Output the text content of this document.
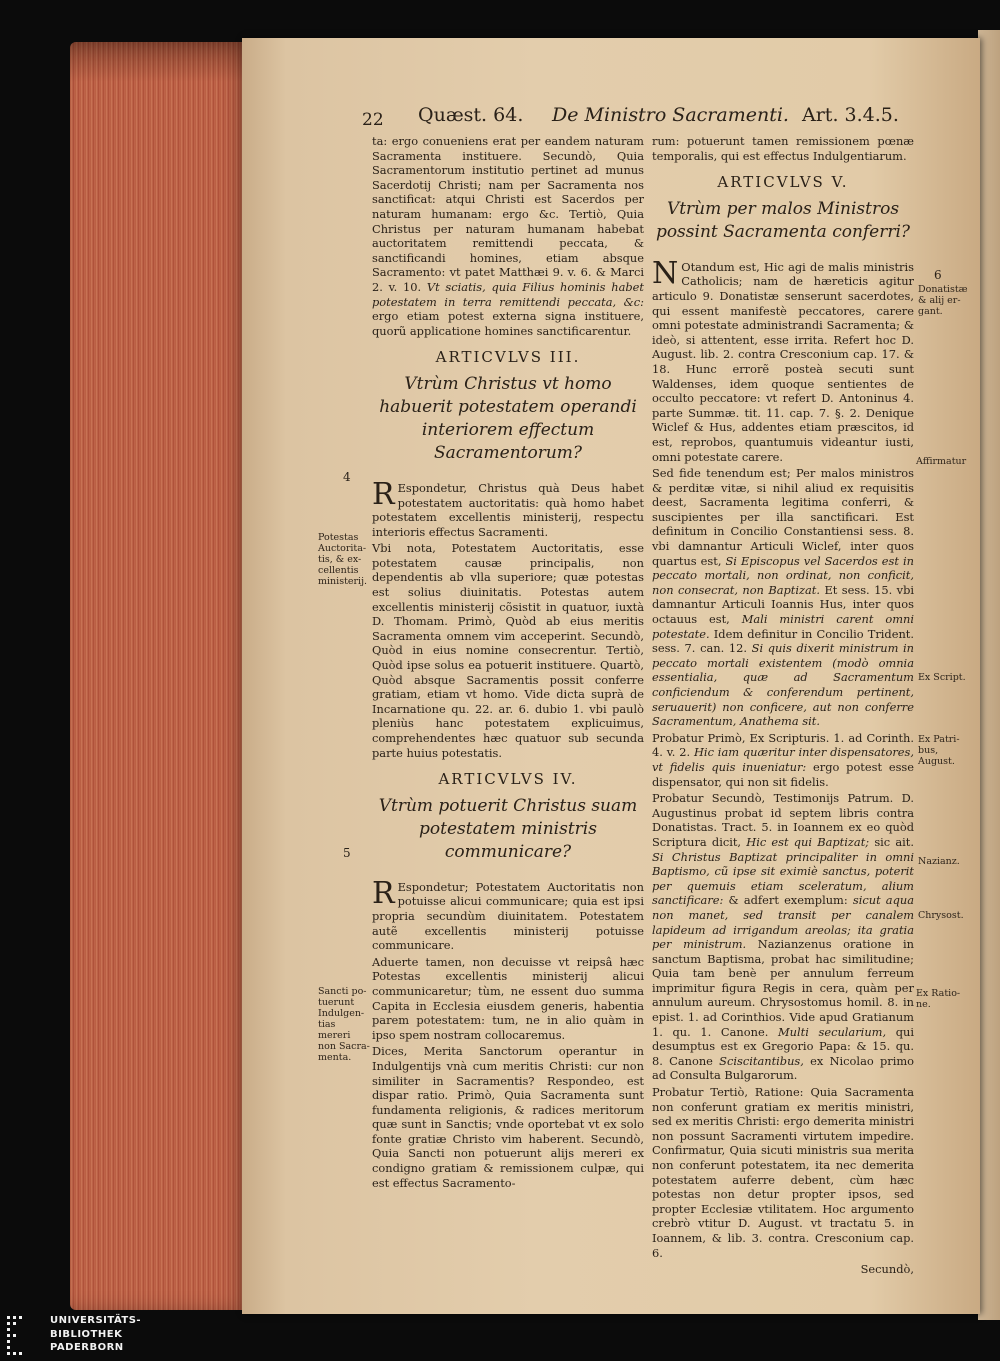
22 Quæst. 64. De Ministro Sacramenti. Art. 3.4.5.

ta: ergo conueniens erat per eandem naturam Sacramenta instituere. Secundò, Quia Sacramentorum institutio pertinet ad munus Sacerdotij Christi; nam per Sacramenta nos sanctificat: atqui Christi est Sacerdos per naturam humanam: ergo &c. Tertiò, Quia Christus per naturam humanam habebat auctoritatem remittendi peccata, & sanctificandi homines, etiam absque Sacramento: vt patet Matthæi 9. v. 6. & Marci 2. v. 10. Vt sciatis, quia Filius hominis habet potestatem in terra remittendi peccata, &c: ergo etiam potest externa signa instituere, quorũ applicatione homines sanctificarentur.

ARTICVLVS III.
Vtrùm Christus vt homo habuerit potestatem operandi interiorem effectum Sacramentorum?

R Espondetur, Christus quà Deus habet potestatem auctoritatis: quà homo habet potestatem excellentis ministerij, respectu interioris effectus Sacramenti.

Vbi nota, Potestatem Auctoritatis, esse potestatem causæ principalis, non dependentis ab vlla superiore; quæ potestas est solius diuinitatis. Potestas autem excellentis ministerij cõsistit in quatuor, iuxtà D. Thomam. Primò, Quòd ab eius meritis Sacramenta omnem vim acceperint. Secundò, Quòd in eius nomine consecrentur. Tertiò, Quòd ipse solus ea potuerit instituere. Quartò, Quòd absque Sacramentis possit conferre gratiam, etiam vt homo. Vide dicta suprà de Incarnatione qu. 22. ar. 6. dubio 1. vbi paulò pleniùs hanc potestatem explicuimus, comprehendentes hæc quatuor sub secunda parte huius potestatis.

ARTICVLVS IV.
Vtrùm potuerit Christus suam potestatem ministris communicare?

R Espondetur; Potestatem Auctoritatis non potuisse alicui communicare; quia est ipsi propria secundùm diuinitatem. Potestatem autẽ excellentis ministerij potuisse communicare.

Aduerte tamen, non decuisse vt reipsâ hæc Potestas excellentis ministerij alicui communicaretur; tùm, ne essent duo summa Capita in Ecclesia eiusdem generis, habentia parem potestatem: tum, ne in alio quàm in ipso spem nostram collocaremus.

Dices, Merita Sanctorum operantur in Indulgentijs vnà cum meritis Christi: cur non similiter in Sacramentis? Respondeo, est dispar ratio. Primò, Quia Sacramenta sunt fundamenta religionis, & radices meritorum quæ sunt in Sanctis; vnde oportebat vt ex solo fonte gratiæ Christo vim haberent. Secundò, Quia Sancti non potuerunt alijs mereri ex condigno gratiam & remissionem culpæ, qui est effectus Sacramento-

rum: potuerunt tamen remissionem pœnæ temporalis, qui est effectus Indulgentiarum.

ARTICVLVS V.
Vtrùm per malos Ministros possint Sacramenta conferri?

N Otandum est, Hic agi de malis ministris Catholicis; nam de hæreticis agitur articulo 9. Donatistæ senserunt sacerdotes, qui essent manifestè peccatores, carere omni potestate administrandi Sacramenta; & ideò, si attentent, esse irrita. Refert hoc D. August. lib. 2. contra Cresconium cap. 17. & 18. Hunc errorẽ posteà secuti sunt Waldenses, idem quoque sentientes de occulto peccatore: vt refert D. Antoninus 4. parte Summæ. tit. 11. cap. 7. §. 2. Denique Wiclef & Hus, addentes etiam præscitos, id est, reprobos, quantumuis videantur iusti, omni potestate carere.

Sed fide tenendum est; Per malos ministros & perditæ vitæ, si nihil aliud ex requisitis deest, Sacramenta legitima conferri, & suscipientes per illa sanctificari. Est definitum in Concilio Constantiensi sess. 8. vbi damnantur Articuli Wiclef, inter quos quartus est, Si Episcopus vel Sacerdos est in peccato mortali, non ordinat, non conficit, non consecrat, non Baptizat. Et sess. 15. vbi damnantur Articuli Ioannis Hus, inter quos octauus est, Mali ministri carent omni potestate. Idem definitur in Concilio Trident. sess. 7. can. 12. Si quis dixerit ministrum in peccato mortali existentem (modò omnia essentialia, quæ ad Sacramentum conficiendum & conferendum pertinent, seruauerit) non conficere, aut non conferre Sacramentum, Anathema sit.

Probatur Primò, Ex Scripturis. 1. ad Corinth. 4. v. 2. Hic iam quæritur inter dispensatores, vt fidelis quis inueniatur: ergo potest esse dispensator, qui non sit fidelis.

Probatur Secundò, Testimonijs Patrum. D. Augustinus probat id septem libris contra Donatistas. Tract. 5. in Ioannem ex eo quòd Scriptura dicit, Hic est qui Baptizat; sic ait. Si Christus Baptizat principaliter in omni Baptismo, cũ ipse sit eximiè sanctus, poterit per quemuis etiam sceleratum, alium sanctificare: & adfert exemplum: sicut aqua non manet, sed transit per canalem lapideum ad irrigandum areolas; ita gratia per ministrum. Nazianzenus oratione in sanctum Baptisma, probat hac similitudine; Quia tam benè per annulum ferreum imprimitur figura Regis in cera, quàm per annulum aureum. Chrysostomus homil. 8. in epist. 1. ad Corinthios. Vide apud Gratianum 1. qu. 1. Canone. Multi secularium, qui desumptus est ex Gregorio Papa: & 15. qu. 8. Canone Sciscitantibus, ex Nicolao primo ad Consulta Bulgarorum.

Probatur Tertiò, Ratione: Quia Sacramenta non conferunt gratiam ex meritis ministri, sed ex meritis Christi: ergo demerita ministri non possunt Sacramenti virtutem impedire. Confirmatur, Quia sicuti ministris sua merita non conferunt potestatem, ita nec demerita potestatem auferre debent, cùm hæc potestas non detur propter ipsos, sed propter Ecclesiæ vtilitatem. Hoc argumento crebrò vtitur D. August. vt tractatu 5. in Ioannem, & lib. 3. contra. Cresconium cap. 6.

Secundò,

4
5
Potestas Auctorita-tis, & ex-cellentis ministerij.
Sancti po-tuerunt Indulgen-tias mereri non Sacra-menta.
6
Donatistæ & alij er-gant.
Affirmatur
Ex Script.
Ex Patri-bus, August.
Nazianz.
Chrysost.
Ex Ratio-ne.
UNIVERSITÄTS-
BIBLIOTHEK
PADERBORN
